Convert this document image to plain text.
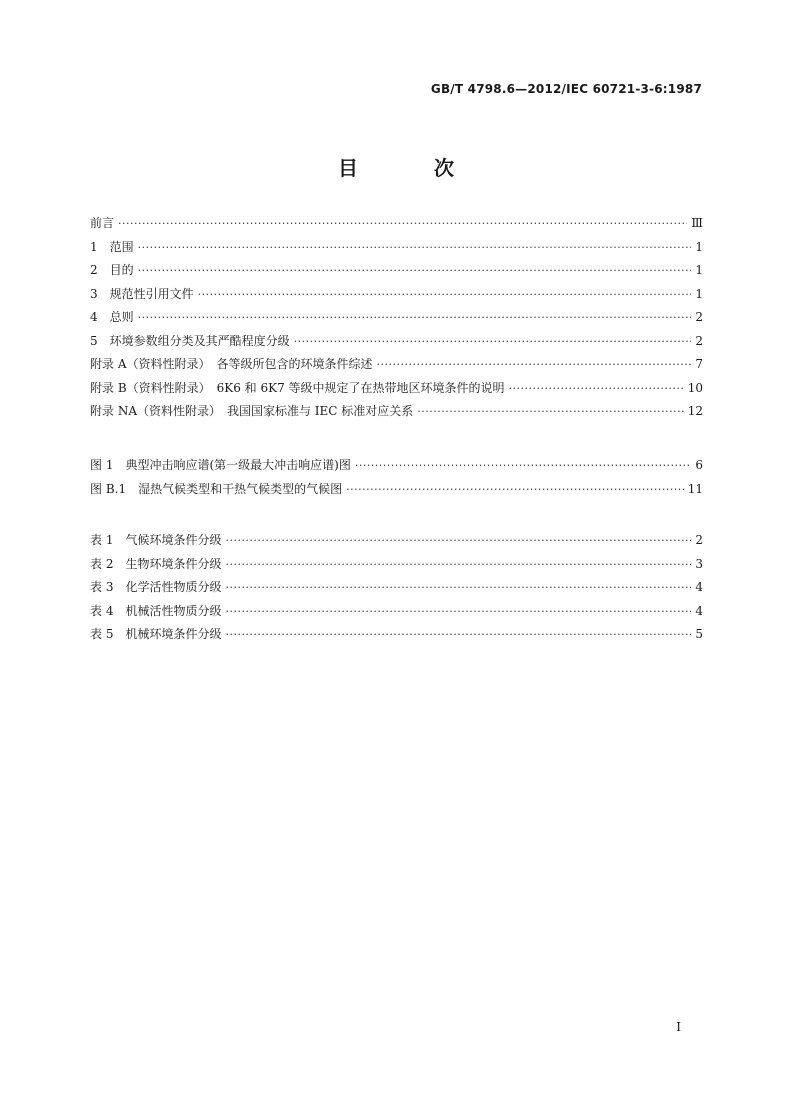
GB/T 4798.6—2012/IEC 60721-3-6:1987
目　次
前言 ·····	Ⅲ
1　范围 ·····	1
2　目的 ·····	1
3　规范性引用文件 ·····	1
4　总则 ·····	2
5　环境参数组分类及其严酷程度分级 ·····	2
附录 A（资料性附录）　各等级所包含的环境条件综述 ·····	7
附录 B（资料性附录）　6K6 和 6K7 等级中规定了在热带地区环境条件的说明 ·····	10
附录 NA（资料性附录）　我国国家标准与 IEC 标准对应关系 ·····	12
图 1　典型冲击响应谱(第一级最大冲击响应谱)图 ·····	6
图 B.1　湿热气候类型和干热气候类型的气候图 ·····	11
表 1　气候环境条件分级 ·····	2
表 2　生物环境条件分级 ·····	3
表 3　化学活性物质分级 ·····	4
表 4　机械活性物质分级 ·····	4
表 5　机械环境条件分级 ·····	5
I
